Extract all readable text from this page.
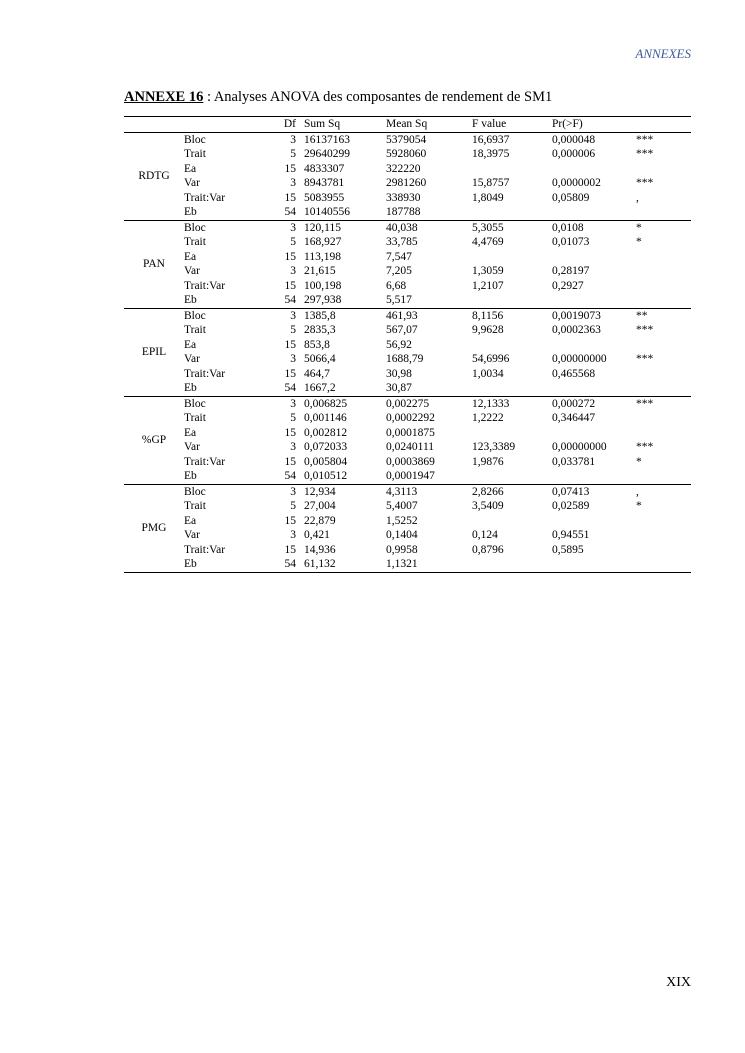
ANNEXES
ANNEXE 16 : Analyses ANOVA des composantes de rendement de SM1
		Df	Sum Sq	Mean Sq	F value	Pr(>F)	
RDTG	Bloc	3	16137163	5379054	16,6937	0,000048	***
	Trait	5	29640299	5928060	18,3975	0,000006	***
	Ea	15	4833307	322220			
	Var	3	8943781	2981260	15,8757	0,0000002	***
	Trait:Var	15	5083955	338930	1,8049	0,05809	,
	Eb	54	10140556	187788			
PAN	Bloc	3	120,115	40,038	5,3055	0,0108	*
	Trait	5	168,927	33,785	4,4769	0,01073	*
	Ea	15	113,198	7,547			
	Var	3	21,615	7,205	1,3059	0,28197	
	Trait:Var	15	100,198	6,68	1,2107	0,2927	
	Eb	54	297,938	5,517			
EPIL	Bloc	3	1385,8	461,93	8,1156	0,0019073	**
	Trait	5	2835,3	567,07	9,9628	0,0002363	***
	Ea	15	853,8	56,92			
	Var	3	5066,4	1688,79	54,6996	0,00000000	***
	Trait:Var	15	464,7	30,98	1,0034	0,465568	
	Eb	54	1667,2	30,87			
%GP	Bloc	3	0,006825	0,002275	12,1333	0,000272	***
	Trait	5	0,001146	0,0002292	1,2222	0,346447	
	Ea	15	0,002812	0,0001875			
	Var	3	0,072033	0,0240111	123,3389	0,00000000	***
	Trait:Var	15	0,005804	0,0003869	1,9876	0,033781	*
	Eb	54	0,010512	0,0001947			
PMG	Bloc	3	12,934	4,3113	2,8266	0,07413	,
	Trait	5	27,004	5,4007	3,5409	0,02589	*
	Ea	15	22,879	1,5252			
	Var	3	0,421	0,1404	0,124	0,94551	
	Trait:Var	15	14,936	0,9958	0,8796	0,5895	
	Eb	54	61,132	1,1321			
XIX
